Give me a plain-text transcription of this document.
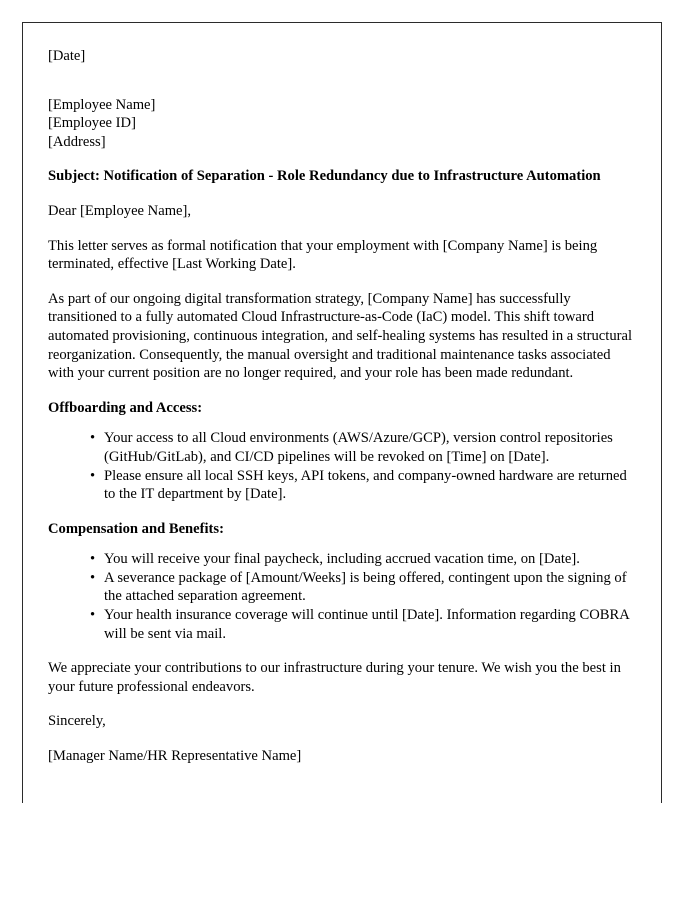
[Date]

[Employee Name]

[Employee ID]

[Address]

Subject: Notification of Separation - Role Redundancy due to Infrastructure Automation

Dear [Employee Name],

This letter serves as formal notification that your employment with [Company Name] is being terminated, effective [Last Working Date].

As part of our ongoing digital transformation strategy, [Company Name] has successfully transitioned to a fully automated Cloud Infrastructure-as-Code (IaC) model. This shift toward automated provisioning, continuous integration, and self-healing systems has resulted in a structural reorganization. Consequently, the manual oversight and traditional maintenance tasks associated with your current position are no longer required, and your role has been made redundant.

Offboarding and Access:

• Your access to all Cloud environments (AWS/Azure/GCP), version control repositories (GitHub/GitLab), and CI/CD pipelines will be revoked on [Time] on [Date].
• Please ensure all local SSH keys, API tokens, and company-owned hardware are returned to the IT department by [Date].

Compensation and Benefits:

• You will receive your final paycheck, including accrued vacation time, on [Date].
• A severance package of [Amount/Weeks] is being offered, contingent upon the signing of the attached separation agreement.
• Your health insurance coverage will continue until [Date]. Information regarding COBRA will be sent via mail.

We appreciate your contributions to our infrastructure during your tenure. We wish you the best in your future professional endeavors.

Sincerely,

[Manager Name/HR Representative Name]
